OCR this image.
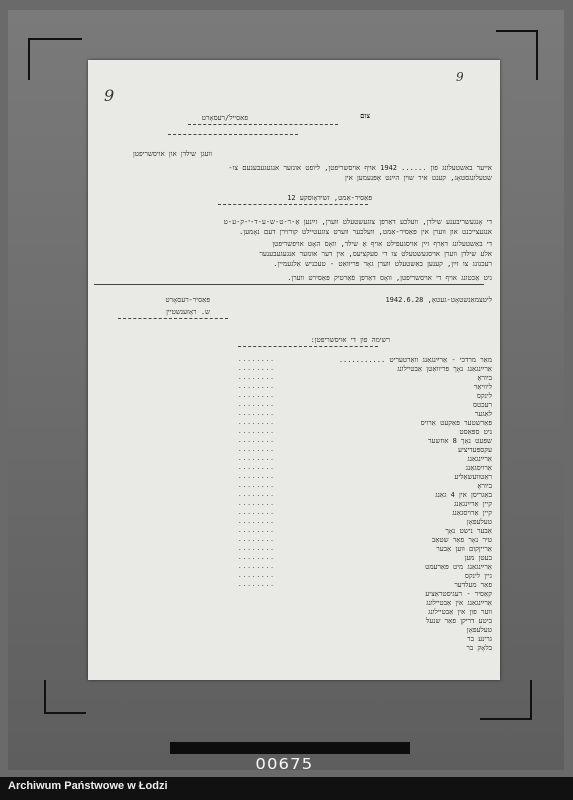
9
9
צום
פאסייל/רעסאָרט
וועגן שילדן און אויסשריפטן
אייער באשטעלונג פון ...... 1942 אויף אויסשריפטן, ליופט אונזער אנגעגעבענעם צו-
שטעלונגסטאָג, קענט איר שוין הײַנט אָפּנעמען אין
פּאַסיר-אַמט, זשידאָוסקע 12
די אָנגעשריבענע שילדן, וועלכע דאַרפן צוגעשטעלט ווערן, זײַנען אַ-ר-ט-ש-ע-ד-י-ק-ע-ט
אנגעצייכנט און ווערן אין פּאַסיר-אַמט, וועלכער ווערט צוגעטיילט קורזירן דעם נאָמען.
די באַשטעלונג דאַרף זײַן אויסגעפילט אויף אַ שילד, וואָס האָט אויפשריפטן
אלע שילדן ווערן אויסגעשטעלט צו די סעקציעס, אין דער אונזער אנגעגעבענער
רעכנונג צו זײַן, קענען באַשטעלט ווערן גאָר פּריוואַט - טעכניש אַלגעמיין.
גיט אַכטונג אויף די אויסשריפטן, וואָס דאַרפן פֿאַרטיק פּאַסירט ווערן.
פּאַסיר-רעסאָרט
ש. ראָזענשטיין
ליטצמאַנשטאָט-געטאָ, 1942.6.28
רשימה פון די אויסשריפטן:
מאַר מרדכי - אַרײַנגאַנג וואַרטעריט ...........
אַרײַנגאַנג נאָך פּריוואַטן אַבטײלונג
ביוראָ
ליוויאַר
לינקס
רעכטס
לאַגער
פּאַרשטער פּאַקעט אַרויס
ניט ספּאַסט
שפּעט נאָך 8 אוזשער
עקספּעדיציע
אַרײַנגאַנג
אַרויסגאַנג
ראַטוועשאַליע
ביוראָ
באַגריסן אין 4 גאַנג
קיין אַרײַנגאַנג
קיין אַרויסגאַנג
טעלעפאָן
אַבער נישט נאָך
טיר נאָר פאַר שטאַב
אַרייןקום ווען אַבער
בעטן מען
אַרײַנגאַנג מיט פּאַרעמט
גיין לינקס
פאַר מעלדער
קאַסיר - רעגיסטראַציע
אַרײַנגאַנג אין אַבטײלונג
ווער פון אין אַבטיילונג
ביטע דריקן פאַר שנעל
טעלעפאָן
גרינע בר
בלאָק בר
........
........
........
........
........
........
........
........
........
........
........
........
........
........
........
........
........
........
........
........
........
........
........
........
........
........
00675
Archiwum Państwowe w Łodzi
